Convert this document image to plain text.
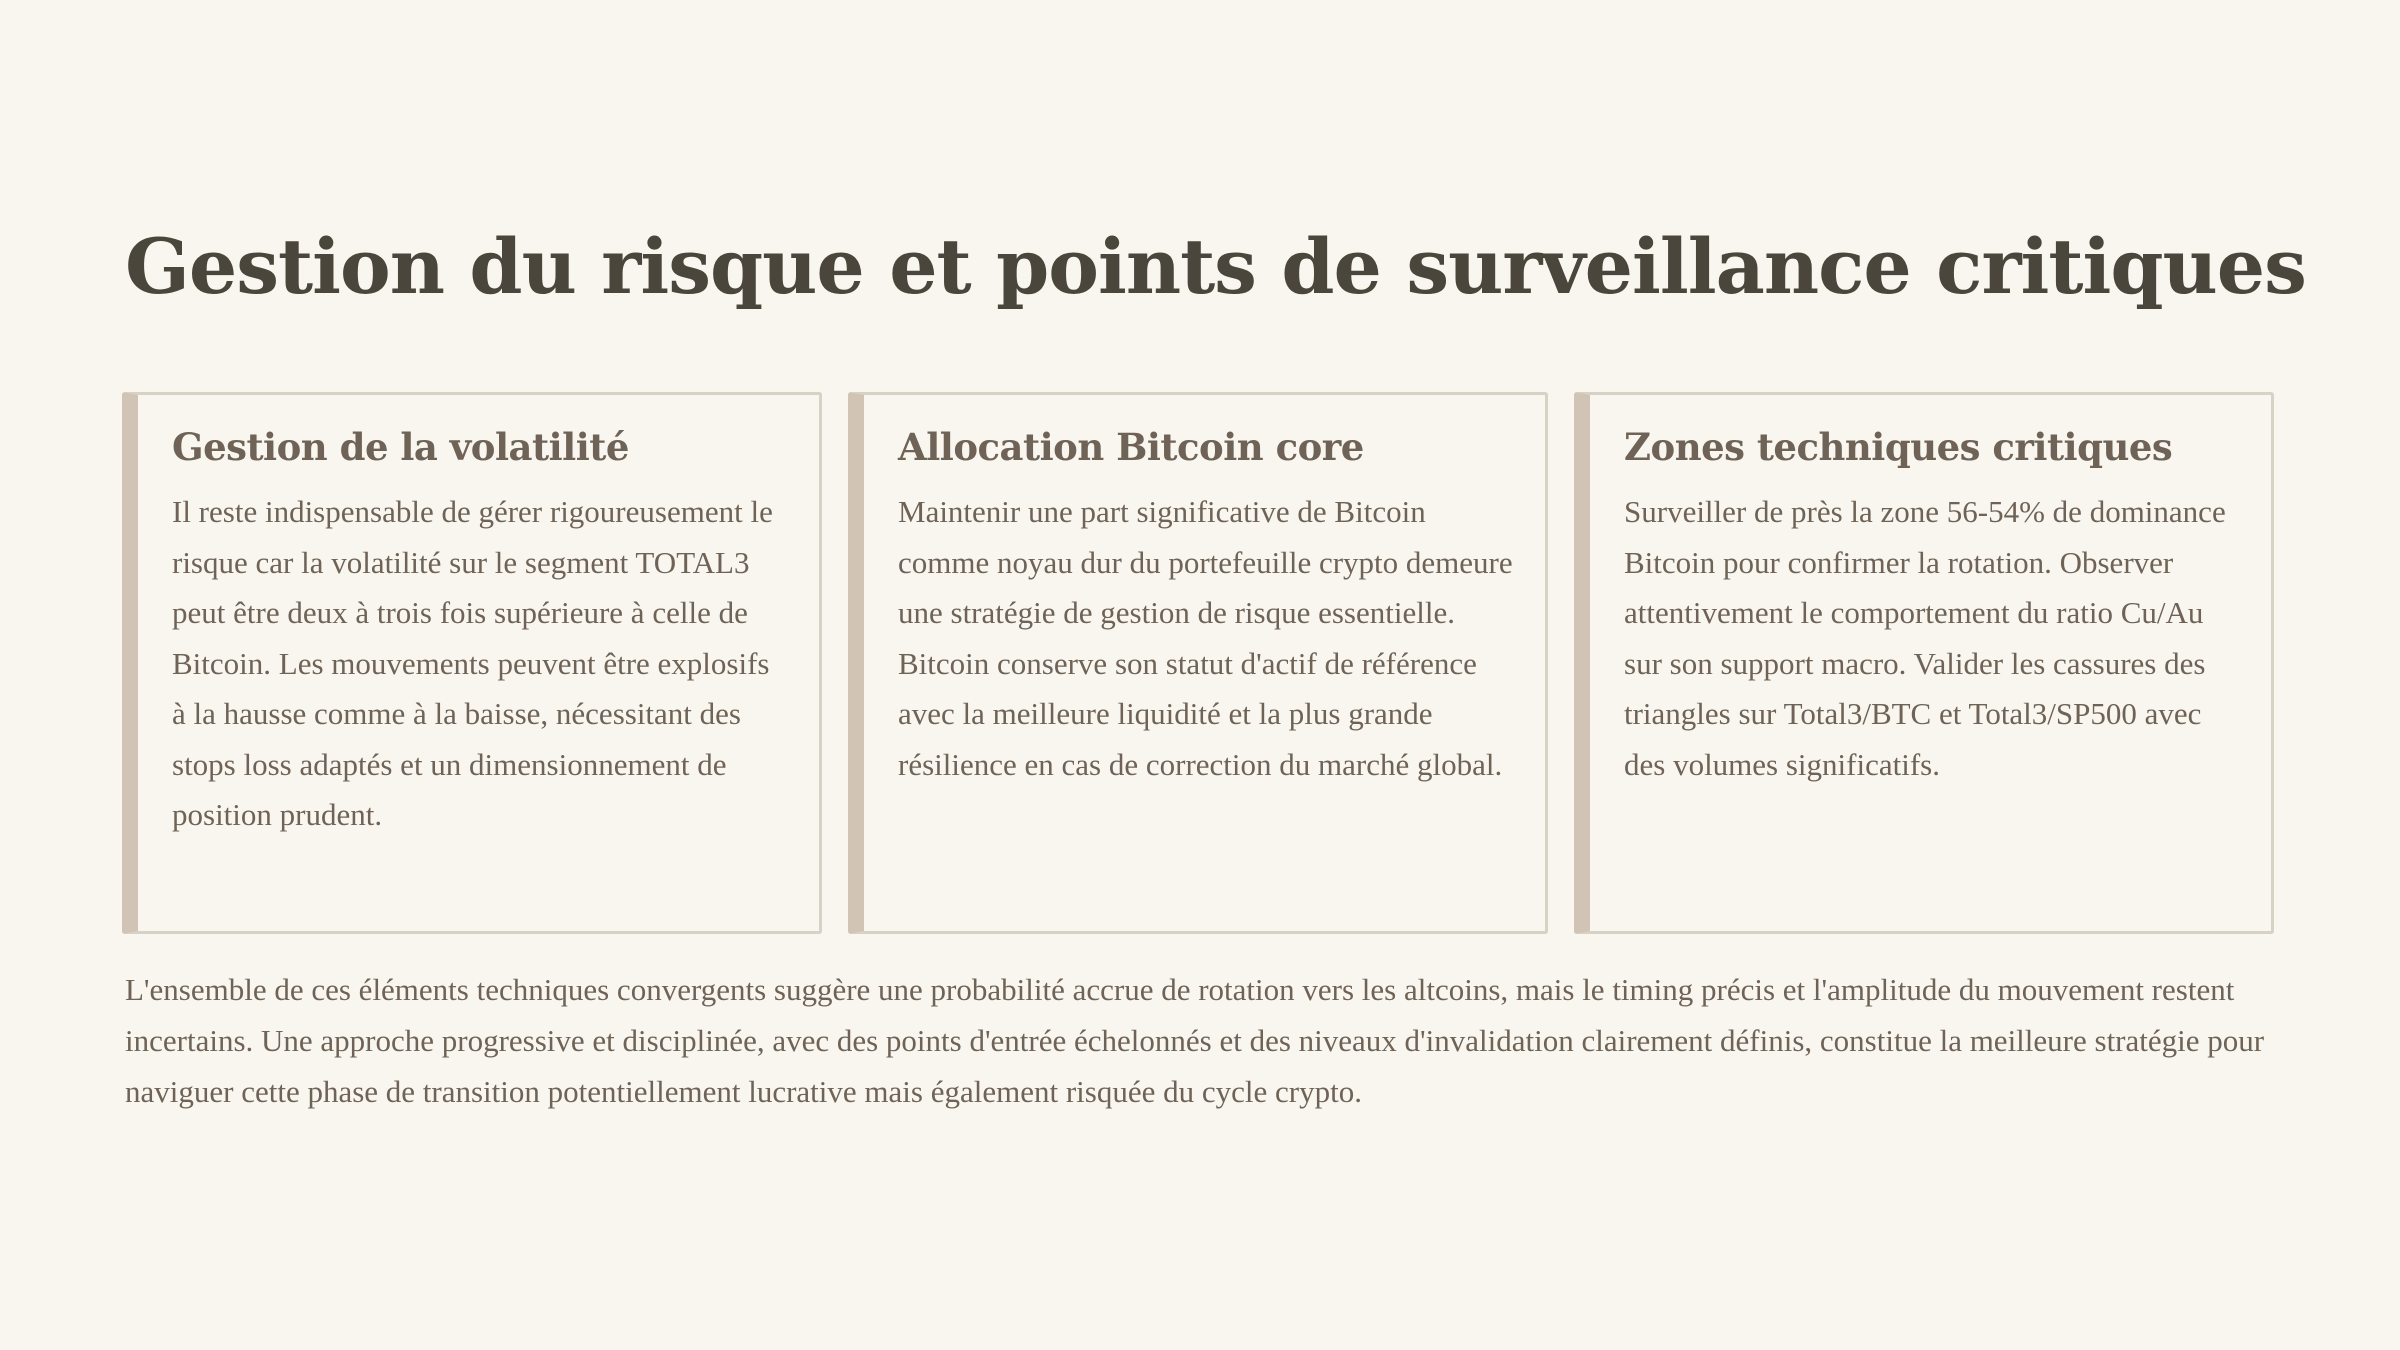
Gestion du risque et points de surveillance critiques
Gestion de la volatilité

Il reste indispensable de gérer rigoureusement le risque car la volatilité sur le segment TOTAL3 peut être deux à trois fois supérieure à celle de Bitcoin. Les mouvements peuvent être explosifs à la hausse comme à la baisse, nécessitant des stops loss adaptés et un dimensionnement de position prudent.

Allocation Bitcoin core

Maintenir une part significative de Bitcoin comme noyau dur du portefeuille crypto demeure une stratégie de gestion de risque essentielle. Bitcoin conserve son statut d'actif de référence avec la meilleure liquidité et la plus grande résilience en cas de correction du marché global.

Zones techniques critiques

Surveiller de près la zone 56-54% de dominance Bitcoin pour confirmer la rotation. Observer attentivement le comportement du ratio Cu/Au sur son support macro. Valider les cassures des triangles sur Total3/BTC et Total3/SP500 avec des volumes significatifs.

L'ensemble de ces éléments techniques convergents suggère une probabilité accrue de rotation vers les altcoins, mais le timing précis et l'amplitude du mouvement restent incertains. Une approche progressive et disciplinée, avec des points d'entrée échelonnés et des niveaux d'invalidation clairement définis, constitue la meilleure stratégie pour naviguer cette phase de transition potentiellement lucrative mais également risquée du cycle crypto.
